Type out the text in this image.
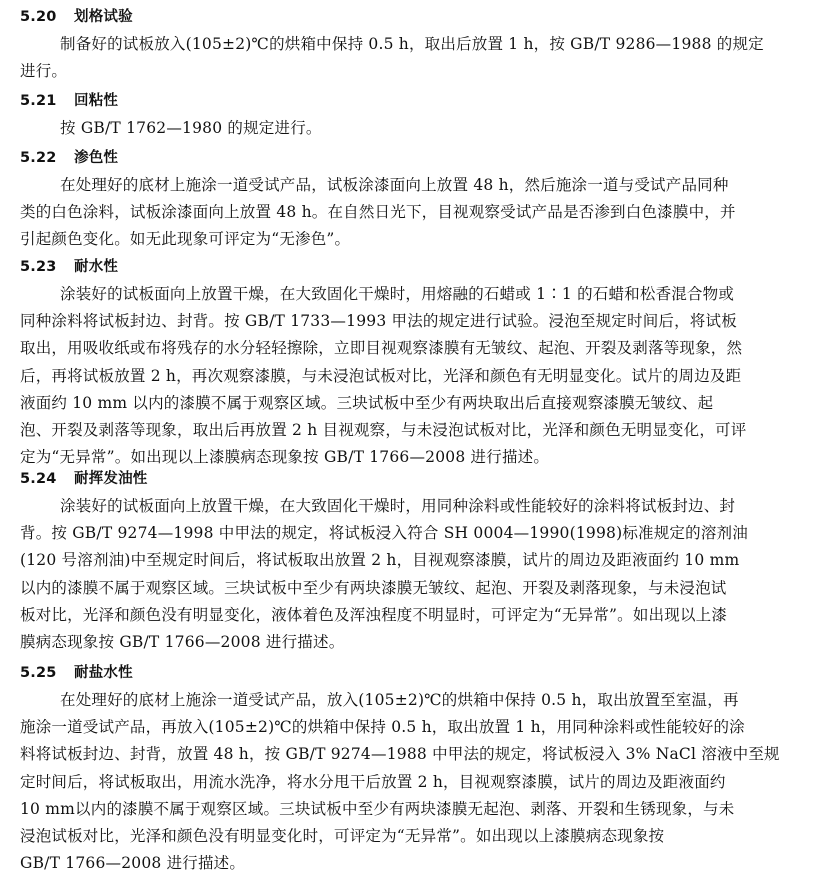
5.20 划格试验
制备好的试板放入(105±2)℃的烘箱中保持 0.5 h，取出后放置 1 h，按 GB/T 9286—1988 的规定
进行。
5.21 回粘性
按 GB/T 1762—1980 的规定进行。
5.22 渗色性
在处理好的底材上施涂一道受试产品，试板涂漆面向上放置 48 h，然后施涂一道与受试产品同种
类的白色涂料，试板涂漆面向上放置 48 h。在自然日光下，目视观察受试产品是否渗到白色漆膜中，并
引起颜色变化。如无此现象可评定为“无渗色”。
5.23 耐水性
涂装好的试板面向上放置干燥，在大致固化干燥时，用熔融的石蜡或 1∶1 的石蜡和松香混合物或
同种涂料将试板封边、封背。按 GB/T 1733—1993 甲法的规定进行试验。浸泡至规定时间后，将试板
取出，用吸收纸或布将残存的水分轻轻擦除，立即目视观察漆膜有无皱纹、起泡、开裂及剥落等现象，然
后，再将试板放置 2 h，再次观察漆膜，与未浸泡试板对比，光泽和颜色有无明显变化。试片的周边及距
液面约 10 mm 以内的漆膜不属于观察区域。三块试板中至少有两块取出后直接观察漆膜无皱纹、起
泡、开裂及剥落等现象，取出后再放置 2 h 目视观察，与未浸泡试板对比，光泽和颜色无明显变化，可评
定为“无异常”。如出现以上漆膜病态现象按 GB/T 1766—2008 进行描述。
5.24 耐挥发油性
涂装好的试板面向上放置干燥，在大致固化干燥时，用同种涂料或性能较好的涂料将试板封边、封
背。按 GB/T 9274—1998 中甲法的规定，将试板浸入符合 SH 0004—1990(1998)标准规定的溶剂油
(120 号溶剂油)中至规定时间后，将试板取出放置 2 h，目视观察漆膜，试片的周边及距液面约 10 mm
以内的漆膜不属于观察区域。三块试板中至少有两块漆膜无皱纹、起泡、开裂及剥落现象，与未浸泡试
板对比，光泽和颜色没有明显变化，液体着色及浑浊程度不明显时，可评定为“无异常”。如出现以上漆
膜病态现象按 GB/T 1766—2008 进行描述。
5.25 耐盐水性
在处理好的底材上施涂一道受试产品，放入(105±2)℃的烘箱中保持 0.5 h，取出放置至室温，再
施涂一道受试产品，再放入(105±2)℃的烘箱中保持 0.5 h，取出放置 1 h，用同种涂料或性能较好的涂
料将试板封边、封背，放置 48 h，按 GB/T 9274—1988 中甲法的规定，将试板浸入 3% NaCl 溶液中至规
定时间后，将试板取出，用流水洗净，将水分甩干后放置 2 h，目视观察漆膜，试片的周边及距液面约
10 mm以内的漆膜不属于观察区域。三块试板中至少有两块漆膜无起泡、剥落、开裂和生锈现象，与未
浸泡试板对比，光泽和颜色没有明显变化时，可评定为“无异常”。如出现以上漆膜病态现象按
GB/T 1766—2008 进行描述。
